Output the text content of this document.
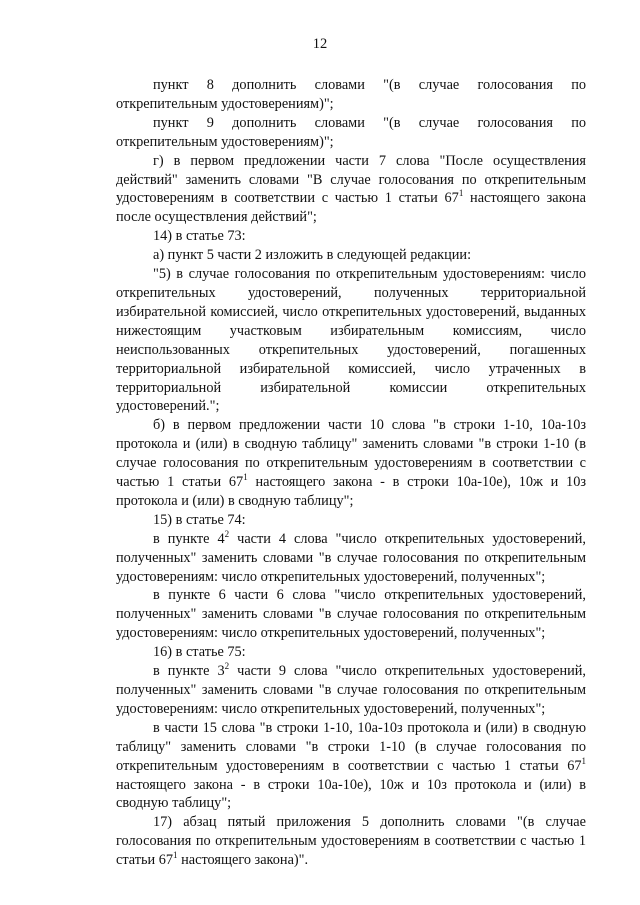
12

пункт 8 дополнить словами "(в случае голосования по открепительным удостоверениям)";

пункт 9 дополнить словами "(в случае голосования по открепительным удостоверениям)";

г) в первом предложении части 7 слова "После осуществления действий" заменить словами "В случае голосования по открепительным удостоверениям в соответствии с частью 1 статьи $67^1$ настоящего закона после осуществления действий";

14) в статье 73:

а) пункт 5 части 2 изложить в следующей редакции:

"5) в случае голосования по открепительным удостоверениям: число открепительных удостоверений, полученных территориальной избирательной комиссией, число открепительных удостоверений, выданных нижестоящим участковым избирательным комиссиям, число неиспользованных открепительных удостоверений, погашенных территориальной избирательной комиссией, число утраченных в территориальной избирательной комиссии открепительных удостоверений.";

б) в первом предложении части 10 слова "в строки 1-10, 10а-10з протокола и (или) в сводную таблицу" заменить словами "в строки 1-10 (в случае голосования по открепительным удостоверениям в соответствии с частью 1 статьи $67^1$ настоящего закона - в строки 10а-10е), 10ж и 10з протокола и (или) в сводную таблицу";

15) в статье 74:

в пункте $4^2$ части 4 слова "число открепительных удостоверений, полученных" заменить словами "в случае голосования по открепительным удостоверениям: число открепительных удостоверений, полученных";

в пункте 6 части 6 слова "число открепительных удостоверений, полученных" заменить словами "в случае голосования по открепительным удостоверениям: число открепительных удостоверений, полученных";

16) в статье 75:

в пункте $3^2$ части 9 слова "число открепительных удостоверений, полученных" заменить словами "в случае голосования по открепительным удостоверениям: число открепительных удостоверений, полученных";

в части 15 слова "в строки 1-10, 10а-10з протокола и (или) в сводную таблицу" заменить словами "в строки 1-10 (в случае голосования по открепительным удостоверениям в соответствии с частью 1 статьи $67^1$ настоящего закона - в строки 10а-10е), 10ж и 10з протокола и (или) в сводную таблицу";

17) абзац пятый приложения 5 дополнить словами "(в случае голосования по открепительным удостоверениям в соответствии с частью 1 статьи $67^1$ настоящего закона)".
